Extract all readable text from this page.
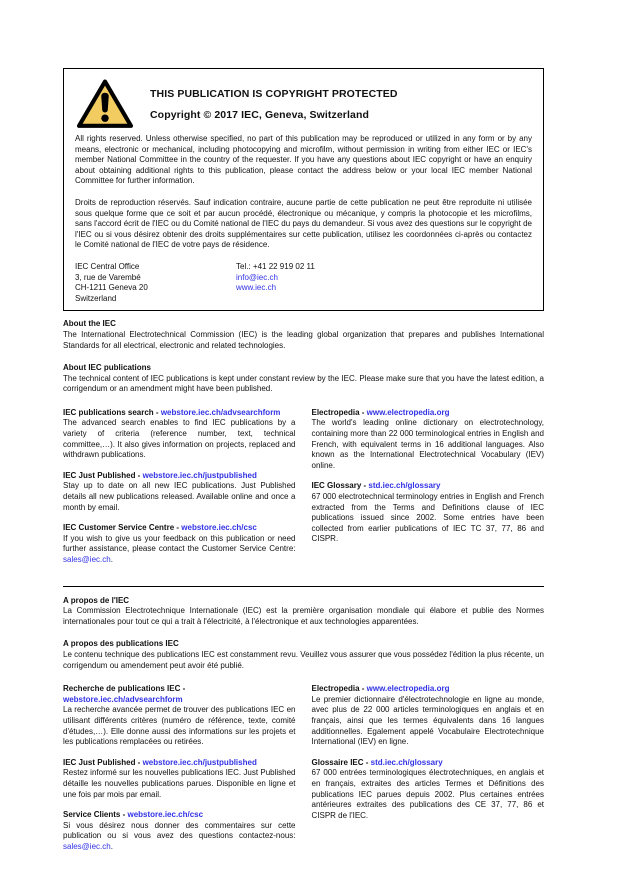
THIS PUBLICATION IS COPYRIGHT PROTECTED
Copyright © 2017 IEC, Geneva, Switzerland

All rights reserved. Unless otherwise specified, no part of this publication may be reproduced or utilized in any form or by any means, electronic or mechanical, including photocopying and microfilm, without permission in writing from either IEC or IEC's member National Committee in the country of the requester. If you have any questions about IEC copyright or have an enquiry about obtaining additional rights to this publication, please contact the address below or your local IEC member National Committee for further information.

Droits de reproduction réservés. Sauf indication contraire, aucune partie de cette publication ne peut être reproduite ni utilisée sous quelque forme que ce soit et par aucun procédé, électronique ou mécanique, y compris la photocopie et les microfilms, sans l'accord écrit de l'IEC ou du Comité national de l'IEC du pays du demandeur. Si vous avez des questions sur le copyright de l'IEC ou si vous désirez obtenir des droits supplémentaires sur cette publication, utilisez les coordonnées ci-après ou contactez le Comité national de l'IEC de votre pays de résidence.

IEC Central Office
3, rue de Varembé
CH-1211 Geneva 20
Switzerland
Tel.: +41 22 919 02 11
info@iec.ch
www.iec.ch
About the IEC

The International Electrotechnical Commission (IEC) is the leading global organization that prepares and publishes International Standards for all electrical, electronic and related technologies.

About IEC publications

The technical content of IEC publications is kept under constant review by the IEC. Please make sure that you have the latest edition, a corrigendum or an amendment might have been published.

IEC publications search - webstore.iec.ch/advsearchform

The advanced search enables to find IEC publications by a variety of criteria (reference number, text, technical committee,…). It also gives information on projects, replaced and withdrawn publications.

IEC Just Published - webstore.iec.ch/justpublished

Stay up to date on all new IEC publications. Just Published details all new publications released. Available online and once a month by email.

IEC Customer Service Centre - webstore.iec.ch/csc

If you wish to give us your feedback on this publication or need further assistance, please contact the Customer Service Centre: sales@iec.ch.

Electropedia - www.electropedia.org

The world's leading online dictionary on electrotechnology, containing more than 22 000 terminological entries in English and French, with equivalent terms in 16 additional languages. Also known as the International Electrotechnical Vocabulary (IEV) online.

IEC Glossary - std.iec.ch/glossary

67 000 electrotechnical terminology entries in English and French extracted from the Terms and Definitions clause of IEC publications issued since 2002. Some entries have been collected from earlier publications of IEC TC 37, 77, 86 and CISPR.

A propos de l'IEC

La Commission Electrotechnique Internationale (IEC) est la première organisation mondiale qui élabore et publie des Normes internationales pour tout ce qui a trait à l'électricité, à l'électronique et aux technologies apparentées.

A propos des publications IEC

Le contenu technique des publications IEC est constamment revu. Veuillez vous assurer que vous possédez l'édition la plus récente, un corrigendum ou amendement peut avoir été publié.

Recherche de publications IEC -
webstore.iec.ch/advsearchform

La recherche avancée permet de trouver des publications IEC en utilisant différents critères (numéro de référence, texte, comité d'études,…). Elle donne aussi des informations sur les projets et les publications remplacées ou retirées.

IEC Just Published - webstore.iec.ch/justpublished

Restez informé sur les nouvelles publications IEC. Just Published détaille les nouvelles publications parues. Disponible en ligne et une fois par mois par email.

Service Clients - webstore.iec.ch/csc

Si vous désirez nous donner des commentaires sur cette publication ou si vous avez des questions contactez-nous: sales@iec.ch.

Electropedia - www.electropedia.org

Le premier dictionnaire d'électrotechnologie en ligne au monde, avec plus de 22 000 articles terminologiques en anglais et en français, ainsi que les termes équivalents dans 16 langues additionnelles. Egalement appelé Vocabulaire Electrotechnique International (IEV) en ligne.

Glossaire IEC - std.iec.ch/glossary

67 000 entrées terminologiques électrotechniques, en anglais et en français, extraites des articles Termes et Définitions des publications IEC parues depuis 2002. Plus certaines entrées antérieures extraites des publications des CE 37, 77, 86 et CISPR de l'IEC.
